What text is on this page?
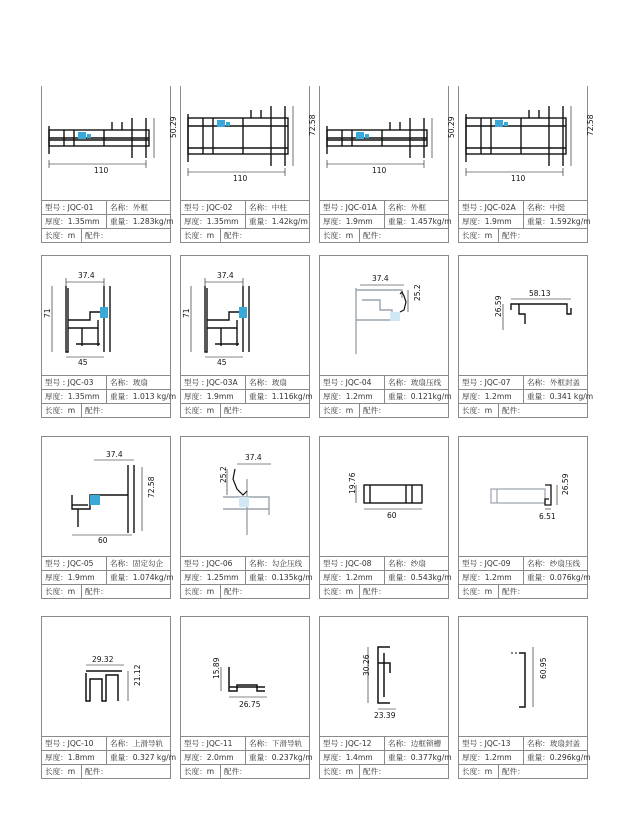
110
50.29
型号 : JQC-01	名称：外框
厚度：1.35mm	重量：1.283kg/m
长度：m	配件：
110
72.58
型号 : JQC-02	名称：中柱
厚度：1.35mm	重量：1.42kg/m
长度：m	配件：
110
50.29
型号 : JQC-01A	名称：外框
厚度：1.9mm	重量：1.457kg/m
长度：m	配件：
110
72.58
型号 : JQC-02A	名称：中挺
厚度：1.9mm	重量：1.592kg/m
长度：m	配件：
37.4
71
45
型号 : JQC-03	名称：玻扇
厚度：1.35mm	重量：1.013 kg/m
长度：m	配件：
37.4
71
45
型号 : JQC-03A	名称：玻扇
厚度：1.9mm	重量：1.116kg/m
长度：m	配件：
37.4
25.2
型号 : JQC-04	名称：玻扇压线
厚度：1.2mm	重量：0.121kg/m
长度：m	配件：
58.13
26.59
型号 : JQC-07	名称：外框封盖
厚度：1.2mm	重量：0.341 kg/m
长度：m	配件：
37.4
72.58
60
型号 : JQC-05	名称：固定勾企
厚度：1.9mm	重量：1.074kg/m
长度：m	配件：
37.4
25.2
型号 : JQC-06	名称：勾企压线
厚度：1.25mm	重量：0.135kg/m
长度：m	配件：
19.76
60
型号 : JQC-08	名称：纱扇
厚度：1.2mm	重量：0.543kg/m
长度：m	配件：
26.59
6.51
型号 : JQC-09	名称：纱扇压线
厚度：1.2mm	重量：0.076kg/m
长度：m	配件：
29.32
21.12
型号 : JQC-10	名称：上滑导轨
厚度：1.8mm	重量：0.327 kg/m
长度：m	配件：
15.89
26.75
型号 : JQC-11	名称：下滑导轨
厚度：2.0mm	重量：0.237kg/m
长度：m	配件：
30.26
23.39
型号 : JQC-12	名称：边框锁槽
厚度：1.4mm	重量：0.377kg/m
长度：m	配件：
60.95
型号 : JQC-13	名称：玻扇封盖
厚度：1.2mm	重量：0.296kg/m
长度：m	配件：
